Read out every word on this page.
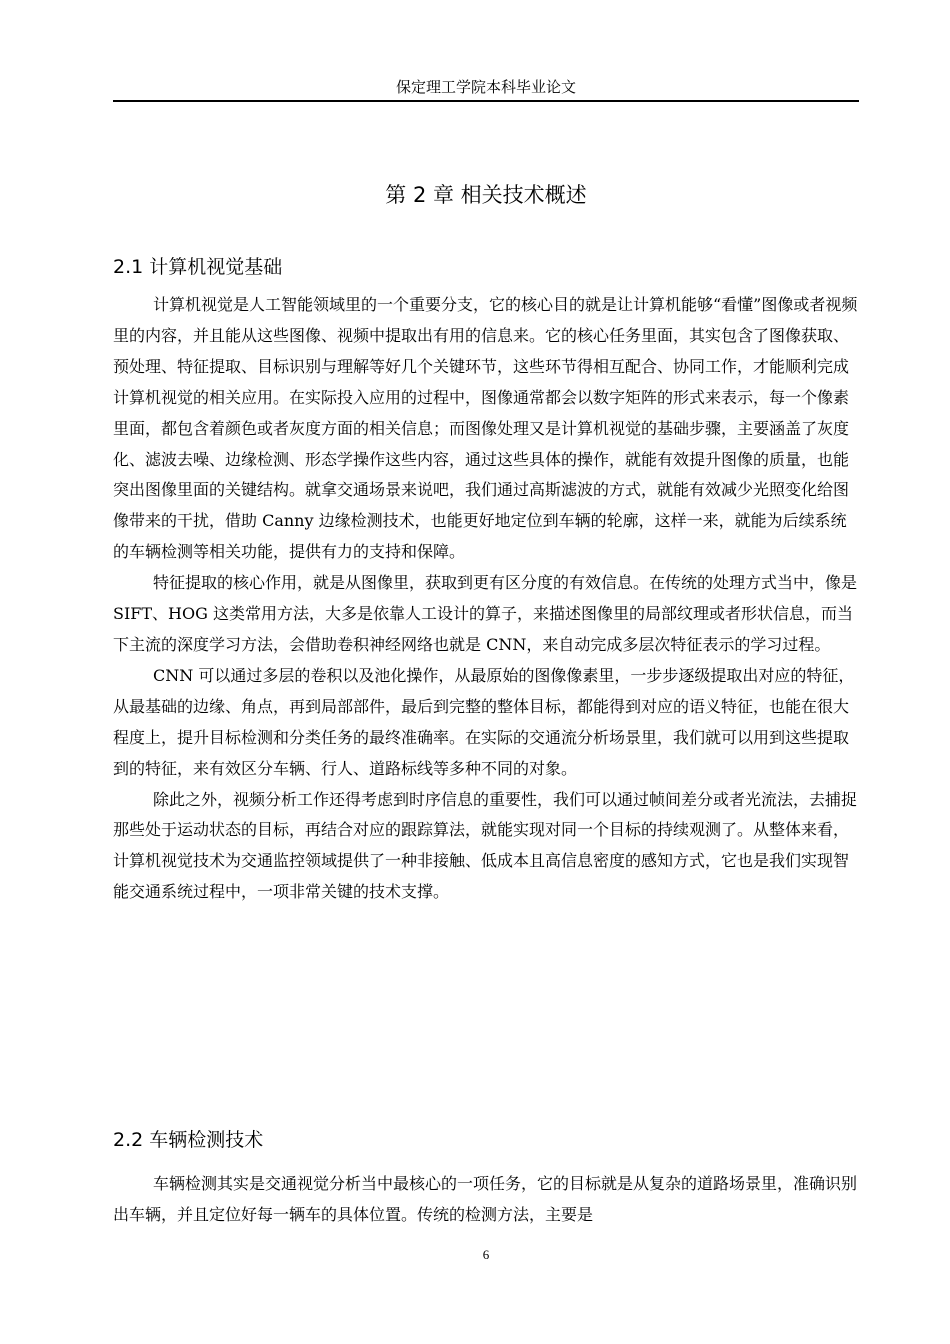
保定理工学院本科毕业论文
第 2 章 相关技术概述
2.1 计算机视觉基础

计算机视觉是人工智能领域里的一个重要分支，它的核心目的就是让计算机能够“看懂”图像或者视频里的内容，并且能从这些图像、视频中提取出有用的信息来。它的核心任务里面，其实包含了图像获取、预处理、特征提取、目标识别与理解等好几个关键环节，这些环节得相互配合、协同工作，才能顺利完成计算机视觉的相关应用。在实际投入应用的过程中，图像通常都会以数字矩阵的形式来表示，每一个像素里面，都包含着颜色或者灰度方面的相关信息；而图像处理又是计算机视觉的基础步骤，主要涵盖了灰度化、滤波去噪、边缘检测、形态学操作这些内容，通过这些具体的操作，就能有效提升图像的质量，也能突出图像里面的关键结构。就拿交通场景来说吧，我们通过高斯滤波的方式，就能有效减少光照变化给图像带来的干扰，借助 Canny 边缘检测技术，也能更好地定位到车辆的轮廓，这样一来，就能为后续系统的车辆检测等相关功能，提供有力的支持和保障。

特征提取的核心作用，就是从图像里，获取到更有区分度的有效信息。在传统的处理方式当中，像是 SIFT、HOG 这类常用方法，大多是依靠人工设计的算子，来描述图像里的局部纹理或者形状信息，而当下主流的深度学习方法，会借助卷积神经网络也就是 CNN，来自动完成多层次特征表示的学习过程。

CNN 可以通过多层的卷积以及池化操作，从最原始的图像像素里，一步步逐级提取出对应的特征，从最基础的边缘、角点，再到局部部件，最后到完整的整体目标，都能得到对应的语义特征，也能在很大程度上，提升目标检测和分类任务的最终准确率。在实际的交通流分析场景里，我们就可以用到这些提取到的特征，来有效区分车辆、行人、道路标线等多种不同的对象。

除此之外，视频分析工作还得考虑到时序信息的重要性，我们可以通过帧间差分或者光流法，去捕捉那些处于运动状态的目标，再结合对应的跟踪算法，就能实现对同一个目标的持续观测了。从整体来看，计算机视觉技术为交通监控领域提供了一种非接触、低成本且高信息密度的感知方式，它也是我们实现智能交通系统过程中，一项非常关键的技术支撑。

2.2 车辆检测技术

车辆检测其实是交通视觉分析当中最核心的一项任务，它的目标就是从复杂的道路场景里，准确识别出车辆，并且定位好每一辆车的具体位置。传统的检测方法，主要是

6
